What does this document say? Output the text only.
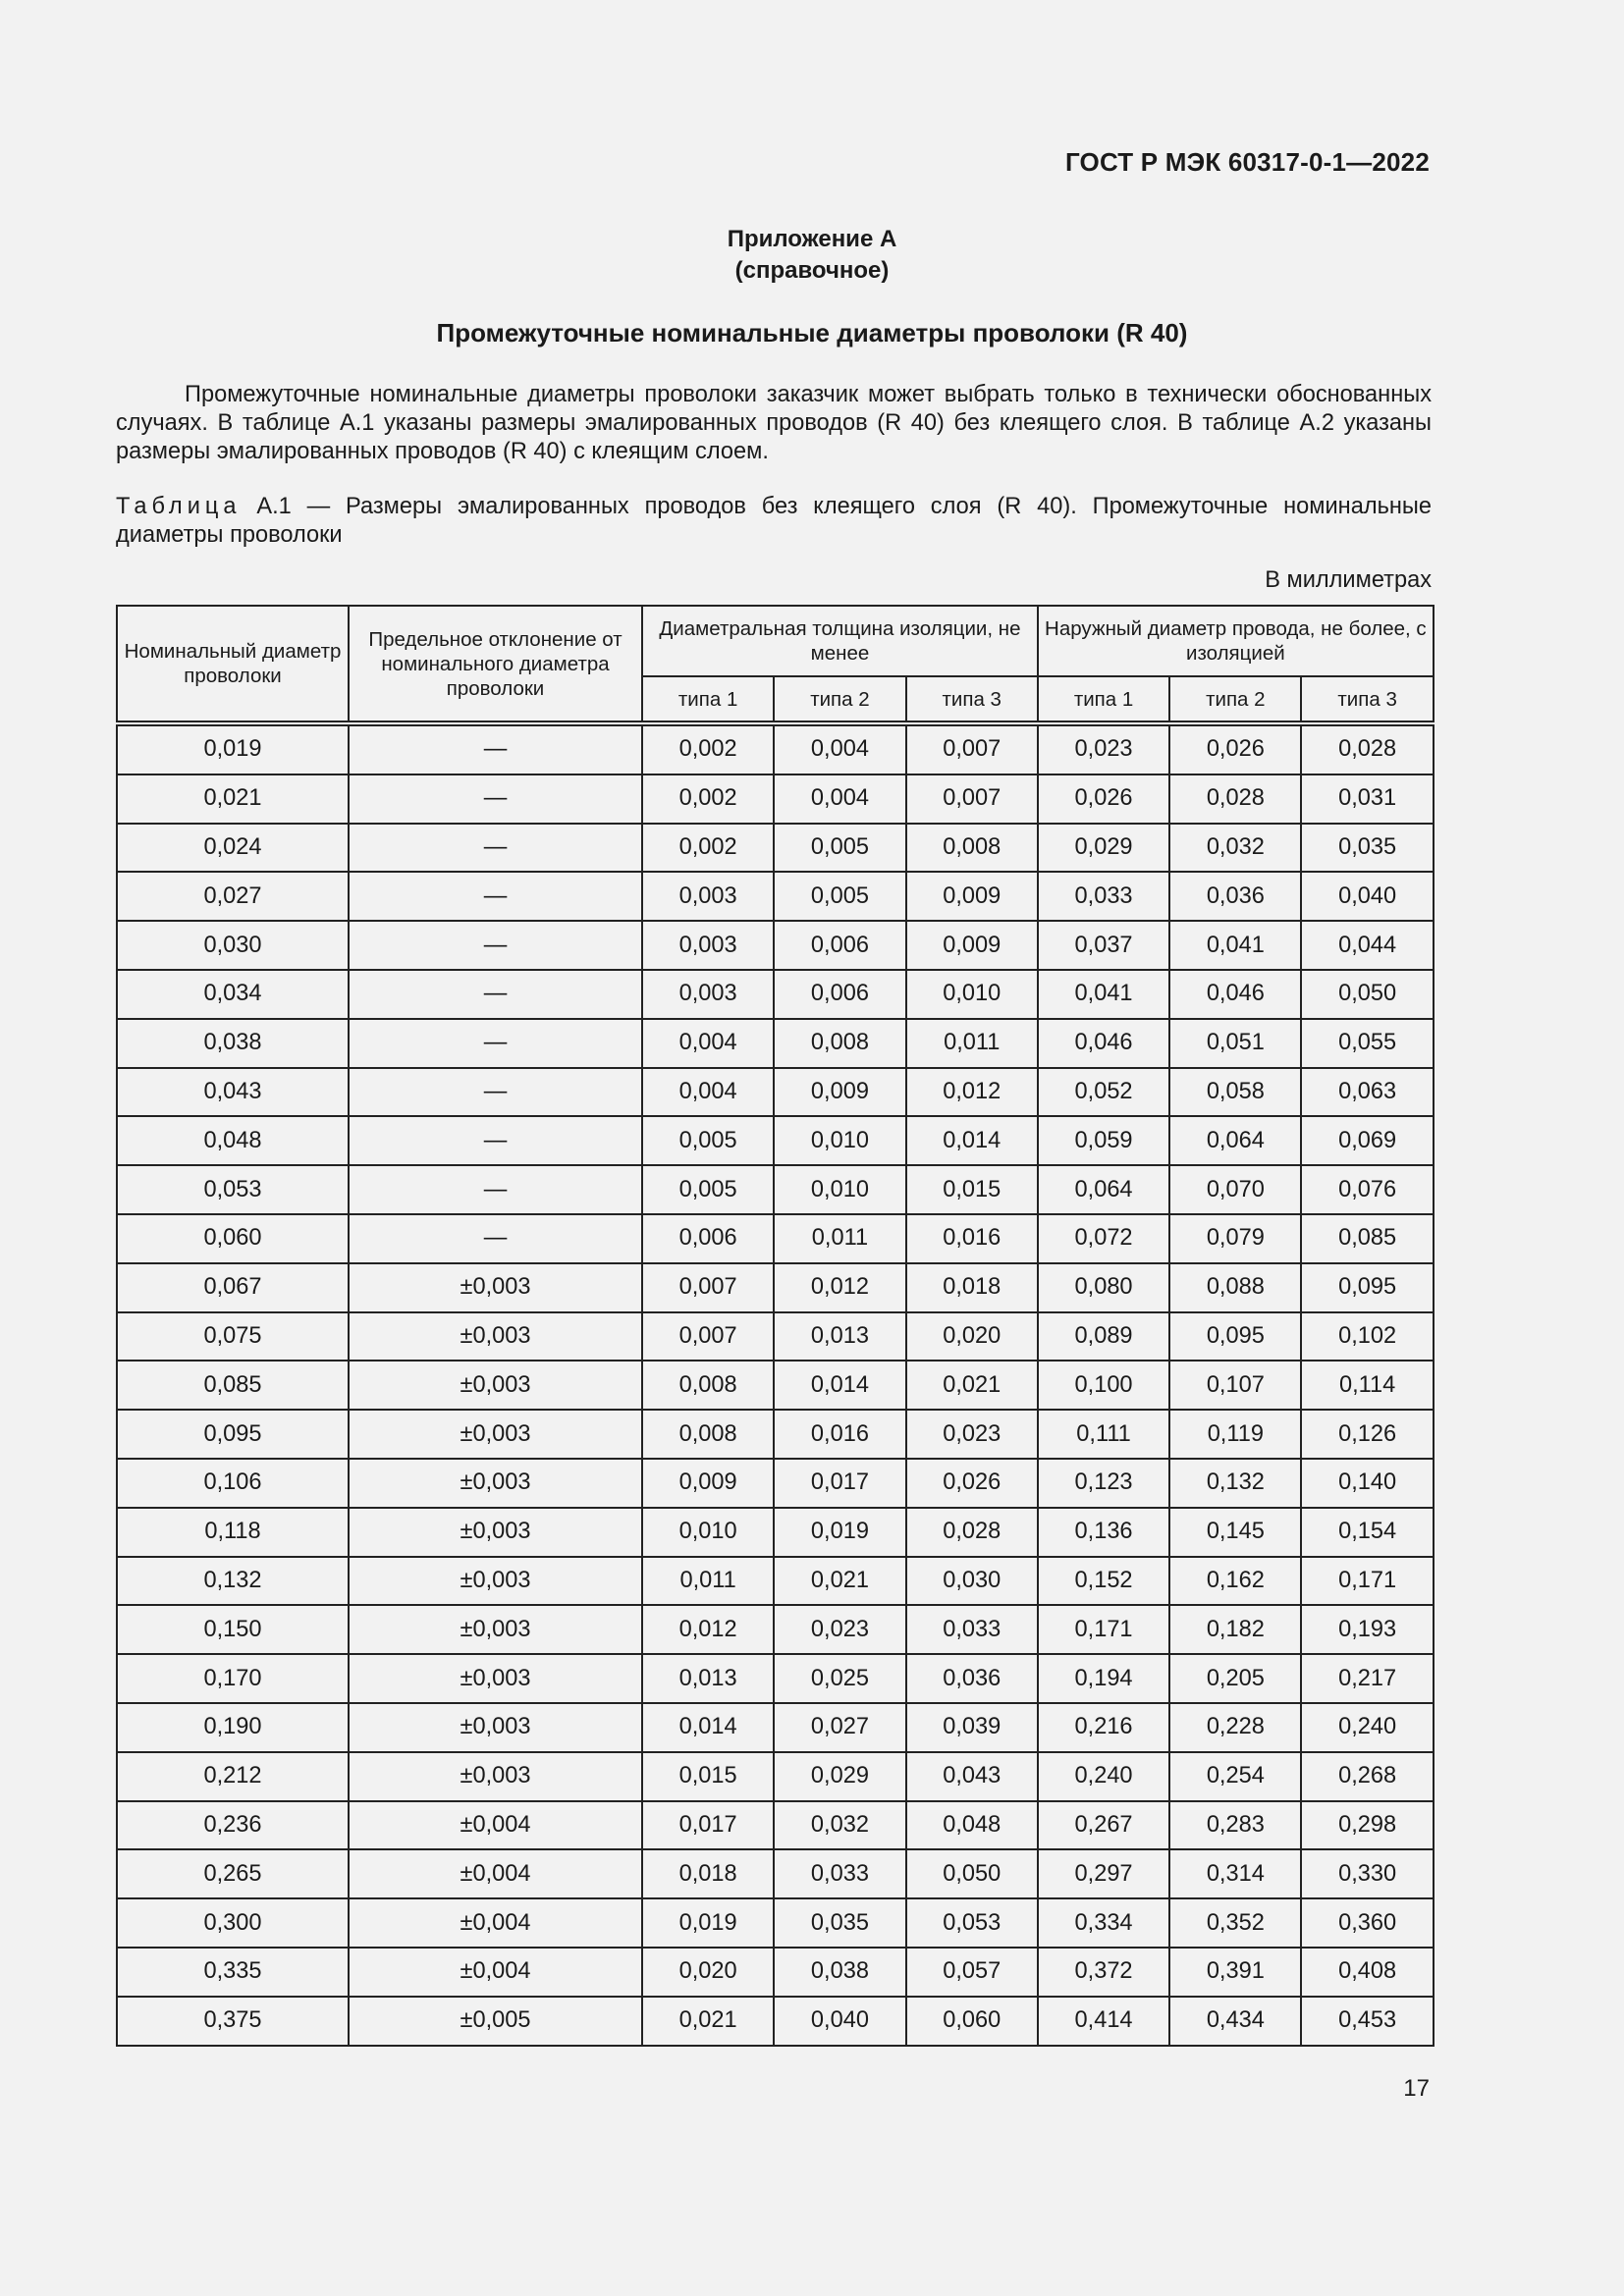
ГОСТ Р МЭК 60317-0-1—2022
Приложение А
(справочное)
Промежуточные номинальные диаметры проволоки (R 40)

Промежуточные номинальные диаметры проволоки заказчик может выбрать только в технически обоснованных случаях. В таблице А.1 указаны размеры эмалированных проводов (R 40) без клеящего слоя. В таблице А.2 указаны размеры эмалированных проводов (R 40) с клеящим слоем.

Таблица А.1 — Размеры эмалированных проводов без клеящего слоя (R 40). Промежуточные номинальные диаметры проволоки

В миллиметрах
Номинальный диаметр проволоки	Предельное отклонение от номинального диаметра проволоки	Диаметральная толщина изоляции, не менее			Наружный диаметр провода, не более, с изоляцией		
		типа 1	типа 2	типа 3	типа 1	типа 2	типа 3
0,019	—	0,002	0,004	0,007	0,023	0,026	0,028
0,021	—	0,002	0,004	0,007	0,026	0,028	0,031
0,024	—	0,002	0,005	0,008	0,029	0,032	0,035
0,027	—	0,003	0,005	0,009	0,033	0,036	0,040
0,030	—	0,003	0,006	0,009	0,037	0,041	0,044
0,034	—	0,003	0,006	0,010	0,041	0,046	0,050
0,038	—	0,004	0,008	0,011	0,046	0,051	0,055
0,043	—	0,004	0,009	0,012	0,052	0,058	0,063
0,048	—	0,005	0,010	0,014	0,059	0,064	0,069
0,053	—	0,005	0,010	0,015	0,064	0,070	0,076
0,060	—	0,006	0,011	0,016	0,072	0,079	0,085
0,067	±0,003	0,007	0,012	0,018	0,080	0,088	0,095
0,075	±0,003	0,007	0,013	0,020	0,089	0,095	0,102
0,085	±0,003	0,008	0,014	0,021	0,100	0,107	0,114
0,095	±0,003	0,008	0,016	0,023	0,111	0,119	0,126
0,106	±0,003	0,009	0,017	0,026	0,123	0,132	0,140
0,118	±0,003	0,010	0,019	0,028	0,136	0,145	0,154
0,132	±0,003	0,011	0,021	0,030	0,152	0,162	0,171
0,150	±0,003	0,012	0,023	0,033	0,171	0,182	0,193
0,170	±0,003	0,013	0,025	0,036	0,194	0,205	0,217
0,190	±0,003	0,014	0,027	0,039	0,216	0,228	0,240
0,212	±0,003	0,015	0,029	0,043	0,240	0,254	0,268
0,236	±0,004	0,017	0,032	0,048	0,267	0,283	0,298
0,265	±0,004	0,018	0,033	0,050	0,297	0,314	0,330
0,300	±0,004	0,019	0,035	0,053	0,334	0,352	0,360
0,335	±0,004	0,020	0,038	0,057	0,372	0,391	0,408
0,375	±0,005	0,021	0,040	0,060	0,414	0,434	0,453
17
